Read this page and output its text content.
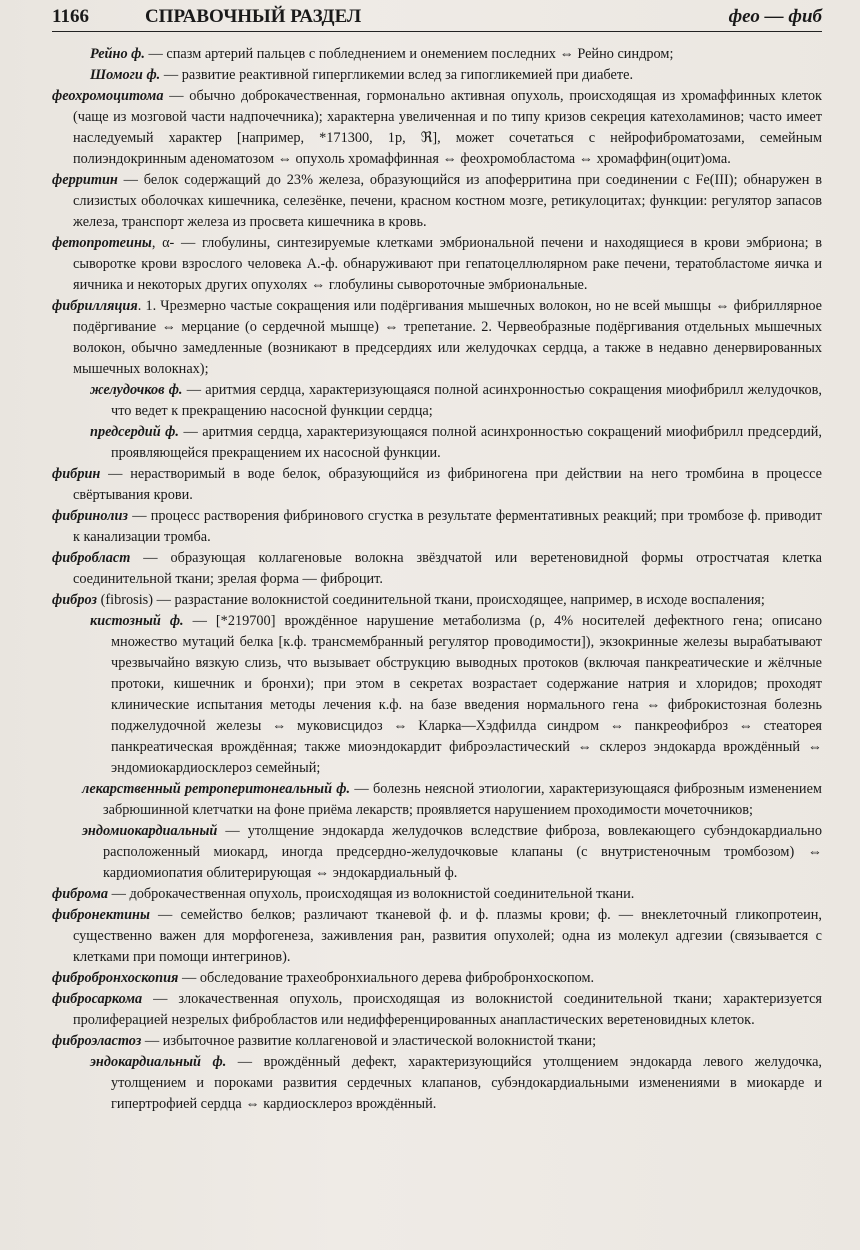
1166	СПРАВОЧНЫЙ РАЗДЕЛ	фео — фиб

Рейно ф. — спазм артерий пальцев с побледнением и онемением последних ⇔ Рейно синдром;

Шомоги ф. — развитие реактивной гипергликемии вслед за гипогликемией при диабете.

феохромоцитома — обычно доброкачественная, гормонально активная опухоль, происходящая из хромаффинных клеток (чаще из мозговой части надпочечника); характерна увеличенная и по типу кризов секреция катехоламинов; часто имеет наследуемый характер [например, *171300, 1p, ℜ], может сочетаться с нейрофиброматозами, семейным полиэндокринным аденоматозом ⇔ опухоль хромаффинная ⇔ феохромобластома ⇔ хромаффин(оцит)ома.

ферритин — белок содержащий до 23% железа, образующийся из апоферритина при соединении с Fe(III); обнаружен в слизистых оболочках кишечника, селезёнке, печени, красном костном мозге, ретикулоцитах; функции: регулятор запасов железа, транспорт железа из просвета кишечника в кровь.

фетопротеины, α- — глобулины, синтезируемые клетками эмбриональной печени и находящиеся в крови эмбриона; в сыворотке крови взрослого человека А.-ф. обнаруживают при гепатоцеллюлярном раке печени, тератобластоме яичка и яичника и некоторых других опухолях ⇔ глобулины сывороточные эмбриональные.

фибрилляция. 1. Чрезмерно частые сокращения или подёргивания мышечных волокон, но не всей мышцы ⇔ фибриллярное подёргивание ⇔ мерцание (о сердечной мышце) ⇔ трепетание. 2. Червеобразные подёргивания отдельных мышечных волокон, обычно замедленные (возникают в предсердиях или желудочках сердца, а также в недавно денервированных мышечных волокнах);

желудочков ф. — аритмия сердца, характеризующаяся полной асинхронностью сокращения миофибрилл желудочков, что ведет к прекращению насосной функции сердца;

предсердий ф. — аритмия сердца, характеризующаяся полной асинхронностью сокращений миофибрилл предсердий, проявляющейся прекращением их насосной функции.

фибрин — нерастворимый в воде белок, образующийся из фибриногена при действии на него тромбина в процессе свёртывания крови.

фибринолиз — процесс растворения фибринового сгустка в результате ферментативных реакций; при тромбозе ф. приводит к канализации тромба.

фибробласт — образующая коллагеновые волокна звёздчатой или веретеновидной формы отростчатая клетка соединительной ткани; зрелая форма — фиброцит.

фиброз (fibrosis) — разрастание волокнистой соединительной ткани, происходящее, например, в исходе воспаления;

кистозный ф. — [*219700] врождённое нарушение метаболизма (ρ, 4% носителей дефектного гена; описано множество мутаций белка [к.ф. трансмембранный регулятор проводимости]), экзокринные железы вырабатывают чрезвычайно вязкую слизь, что вызывает обструкцию выводных протоков (включая панкреатические и жёлчные протоки, кишечник и бронхи); при этом в секретах возрастает содержание натрия и хлоридов; проходят клинические испытания методы лечения к.ф. на базе введения нормального гена ⇔ фиброкистозная болезнь поджелудочной железы ⇔ муковисцидоз ⇔ Кларка—Хэдфилда синдром ⇔ панкреофиброз ⇔ стеаторея панкреатическая врождённая; также миоэндокардит фиброэластический ⇔ склероз эндокарда врождённый ⇔ эндомиокардиосклероз семейный;

лекарственный ретроперитонеальный ф. — болезнь неясной этиологии, характеризующаяся фиброзным изменением забрюшинной клетчатки на фоне приёма лекарств; проявляется нарушением проходимости мочеточников;

эндомиокардиальный — утолщение эндокарда желудочков вследствие фиброза, вовлекающего субэндокардиально расположенный миокард, иногда предсердно-желудочковые клапаны (с внутристеночным тромбозом) ⇔ кардиомиопатия облитерирующая ⇔ эндокардиальный ф.

фиброма — доброкачественная опухоль, происходящая из волокнистой соединительной ткани.

фибронектины — семейство белков; различают тканевой ф. и ф. плазмы крови; ф. — внеклеточный гликопротеин, существенно важен для морфогенеза, заживления ран, развития опухолей; одна из молекул адгезии (связывается с клетками при помощи интегринов).

фибробронхоскопия — обследование трахеобронхиального дерева фибробронхоскопом.

фибросаркома — злокачественная опухоль, происходящая из волокнистой соединительной ткани; характеризуется пролиферацией незрелых фибробластов или недифференцированных анапластических веретеновидных клеток.

фиброэластоз — избыточное развитие коллагеновой и эластической волокнистой ткани;

эндокардиальный ф. — врождённый дефект, характеризующийся утолщением эндокарда левого желудочка, утолщением и пороками развития сердечных клапанов, субэндокардиальными изменениями в миокарде и гипертрофией сердца ⇔ кардиосклероз врождённый.
